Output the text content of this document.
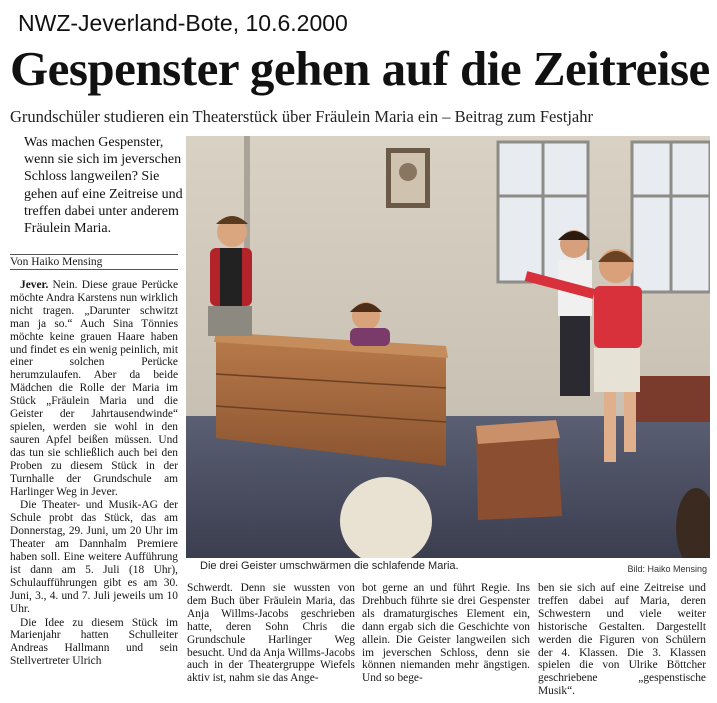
NWZ-Jeverland-Bote, 10.6.2000
Gespenster gehen auf die Zeitreise
Grundschüler studieren ein Theaterstück über Fräulein Maria ein – Beitrag zum Festjahr
Was machen Gespenster, wenn sie sich im jeverschen Schloss langweilen? Sie gehen auf eine Zeitreise und treffen dabei unter anderem Fräulein Maria.
Von Haiko Mensing

Jever. Nein. Diese graue Perücke möchte Andra Karstens nun wirklich nicht tragen. „Darunter schwitzt man ja so.“ Auch Sina Tönnies möchte keine grauen Haare haben und findet es ein wenig peinlich, mit einer solchen Perücke herumzulaufen. Aber da beide Mädchen die Rolle der Maria im Stück „Fräulein Maria und die Geister der Jahrtausendwinde“ spielen, werden sie wohl in den sauren Apfel beißen müssen. Und das tun sie schließlich auch bei den Proben zu diesem Stück in der Turnhalle der Grundschule am Harlinger Weg in Jever.

Die Theater- und Musik-AG der Schule probt das Stück, das am Donnerstag, 29. Juni, um 20 Uhr im Theater am Dannhalm Premiere haben soll. Eine weitere Aufführung ist dann am 5. Juli (18 Uhr), Schulaufführungen gibt es am 30. Juni, 3., 4. und 7. Juli jeweils um 10 Uhr.

Die Idee zu diesem Stück im Marienjahr hatten Schulleiter Andreas Hallmann und sein Stellvertreter Ulrich

Schwerdt. Denn sie wussten von dem Buch über Fräulein Maria, das Anja Willms-Jacobs geschrieben hatte, deren Sohn Chris die Grundschule Harlinger Weg besucht. Und da Anja Willms-Jacobs auch in der Theatergruppe Wiefels aktiv ist, nahm sie das Ange-

bot gerne an und führt Regie. Ins Drehbuch führte sie drei Gespenster als dramaturgisches Element ein, dann ergab sich die Geschichte von allein. Die Geister langweilen sich im jeverschen Schloss, denn sie können niemanden mehr ängstigen. Und so bege-

ben sie sich auf eine Zeitreise und treffen dabei auf Maria, deren Schwestern und viele weiter historische Gestalten. Dargestellt werden die Figuren von Schülern der 4. Klassen. Die 3. Klassen spielen die von Ulrike Böttcher geschriebene „gespenstische Musik“.

Die drei Geister umschwärmen die schlafende Maria.	Bild: Haiko Mensing
